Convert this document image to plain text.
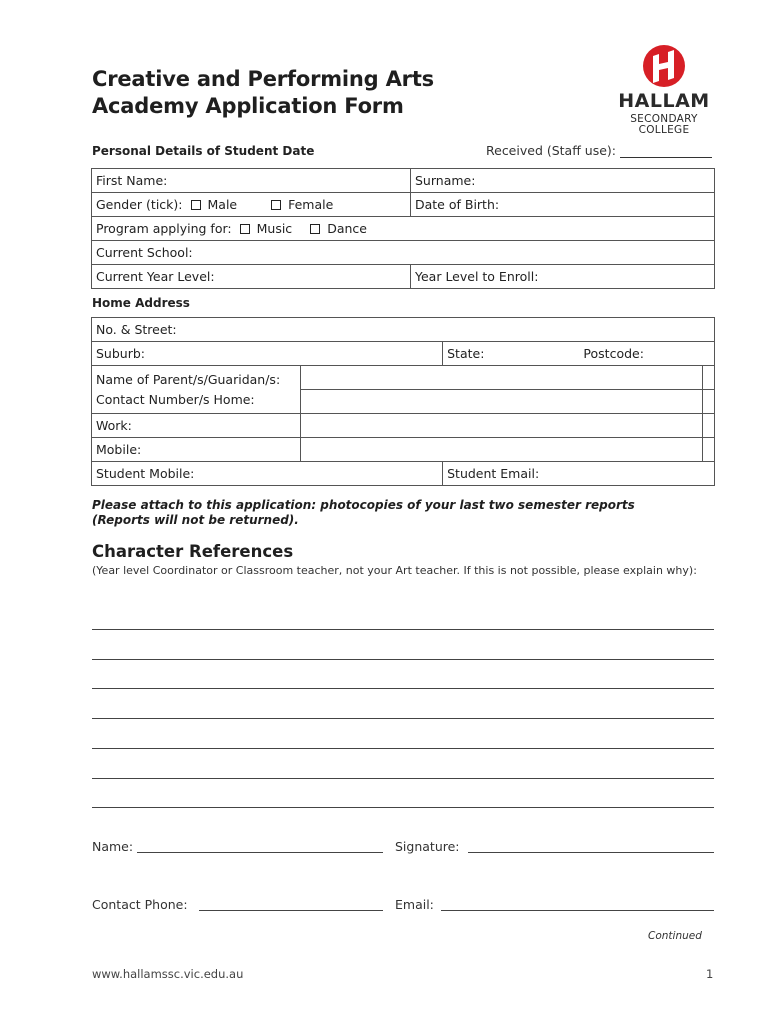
Creative and Performing Arts
Academy Application Form	HALLAM
SECONDARY
COLLEGE
Personal Details of Student Date	Received (Staff use):
First Name:	Surname:
Gender (tick): Male Female	Date of Birth:
Program applying for: Music Dance	
Current School:	
Current Year Level:	Year Level to Enroll:
Home Address
No. & Street:			
Suburb:		State: Postcode:	

Name of Parent/s/Guaridan/s:
Contact Number/s Home:			

Work:			
Mobile:			
Student Mobile:		Student Email:	
Please attach to this application: photocopies of your last two semester reports
(Reports will not be returned).
Character References
(Year level Coordinator or Classroom teacher, not your Art teacher. If this is not possible, please explain why):
Name:	Signature:
Contact Phone:	Email:
Continued
www.hallamssc.vic.edu.au	1
